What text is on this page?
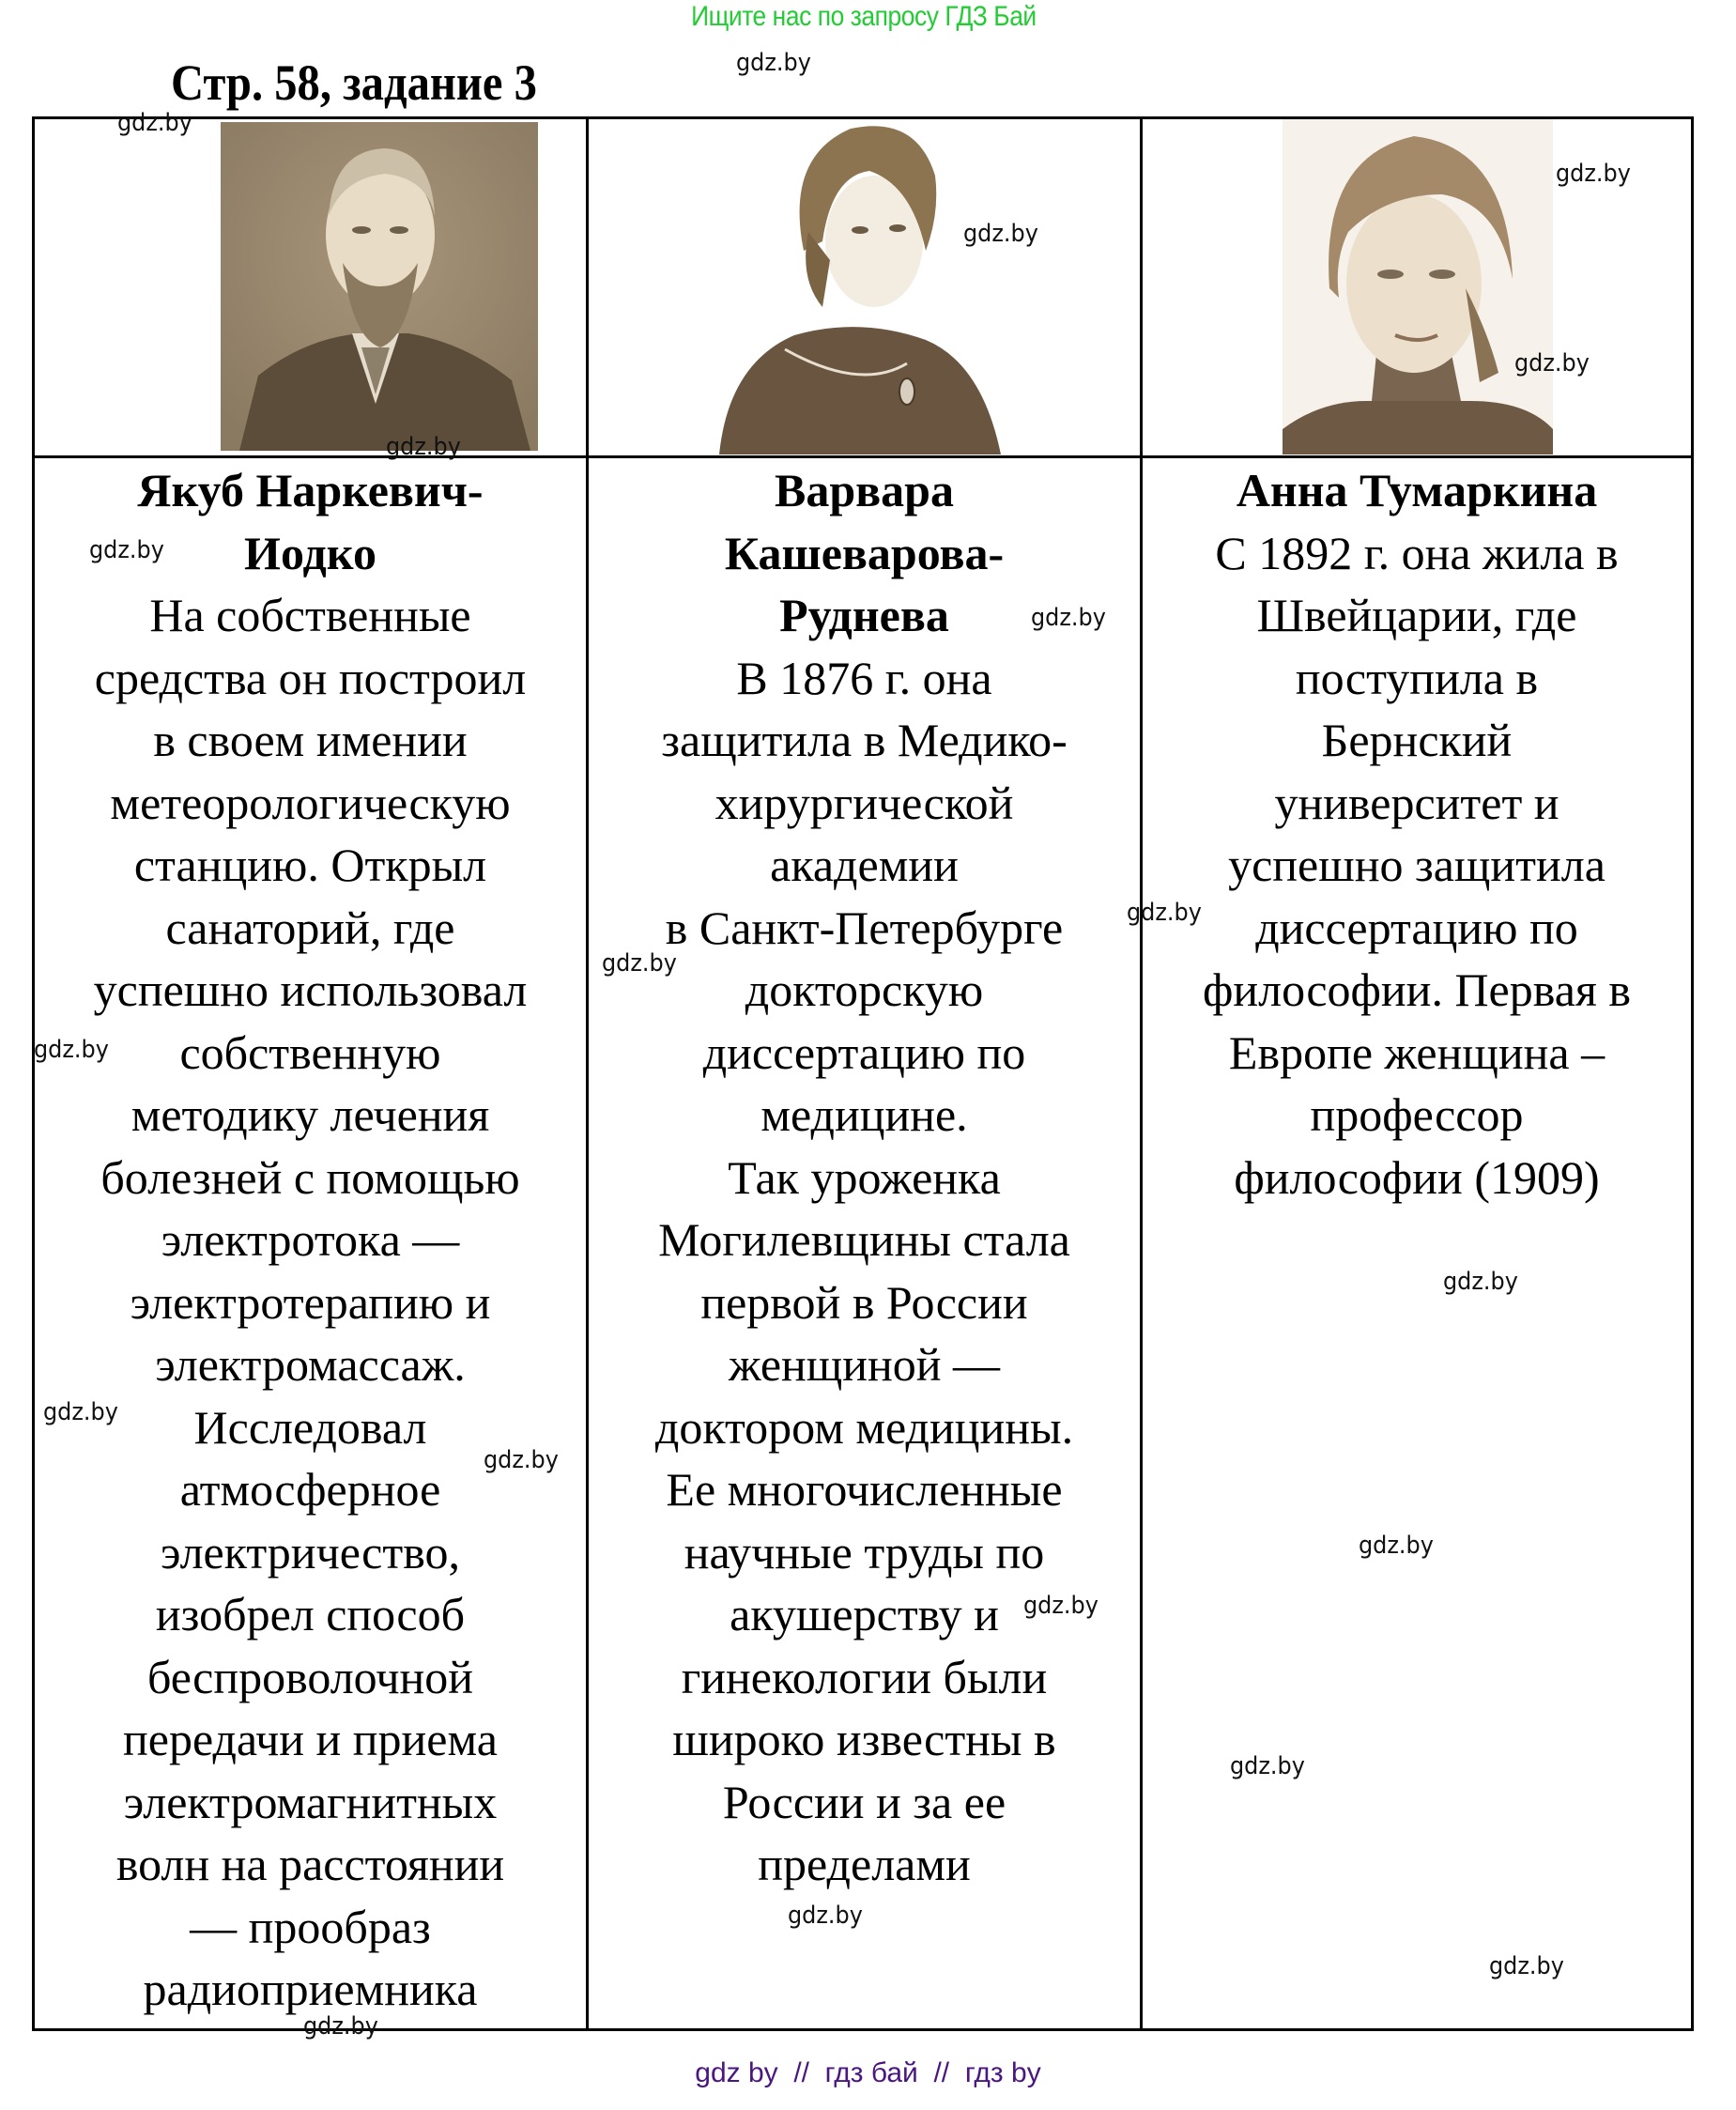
Ищите нас по запросу ГДЗ Бай
Стр. 58, задание 3
Якуб Наркевич-
Иодко
На собственные
средства он построил
в своем имении
метеорологическую
станцию. Открыл
санаторий, где
успешно использовал
собственную
методику лечения
болезней с помощью
электротока —
электротерапию и
электромассаж.
Исследовал
атмосферное
электричество,
изобрел способ
беспроволочной
передачи и приема
электромагнитных
волн на расстоянии
— прообраз
радиоприемника
Варвара
Кашеварова-
Руднева
В 1876 г. она
защитила в Медико-
хирургической
академии
в Санкт-Петербурге
докторскую
диссертацию по
медицине.
Так уроженка
Могилевщины стала
первой в России
женщиной —
доктором медицины.
Ее многочисленные
научные труды по
акушерству и
гинекологии были
широко известны в
России и за ее
пределами
Анна Тумаркина
С 1892 г. она жила в
Швейцарии, где
поступила в
Бернский
университет и
успешно защитила
диссертацию по
философии. Первая в
Европе женщина –
профессор
философии (1909)
gdz.by
gdz.by
gdz.by
gdz.by
gdz.by
gdz.by
gdz.by
gdz.by
gdz.by
gdz.by
gdz.by
gdz.by
gdz.by
gdz.by
gdz.by
gdz.by
gdz.by
gdz.by
gdz.by
gdz.by
gdz by  //  гдз бай  //  гдз by
